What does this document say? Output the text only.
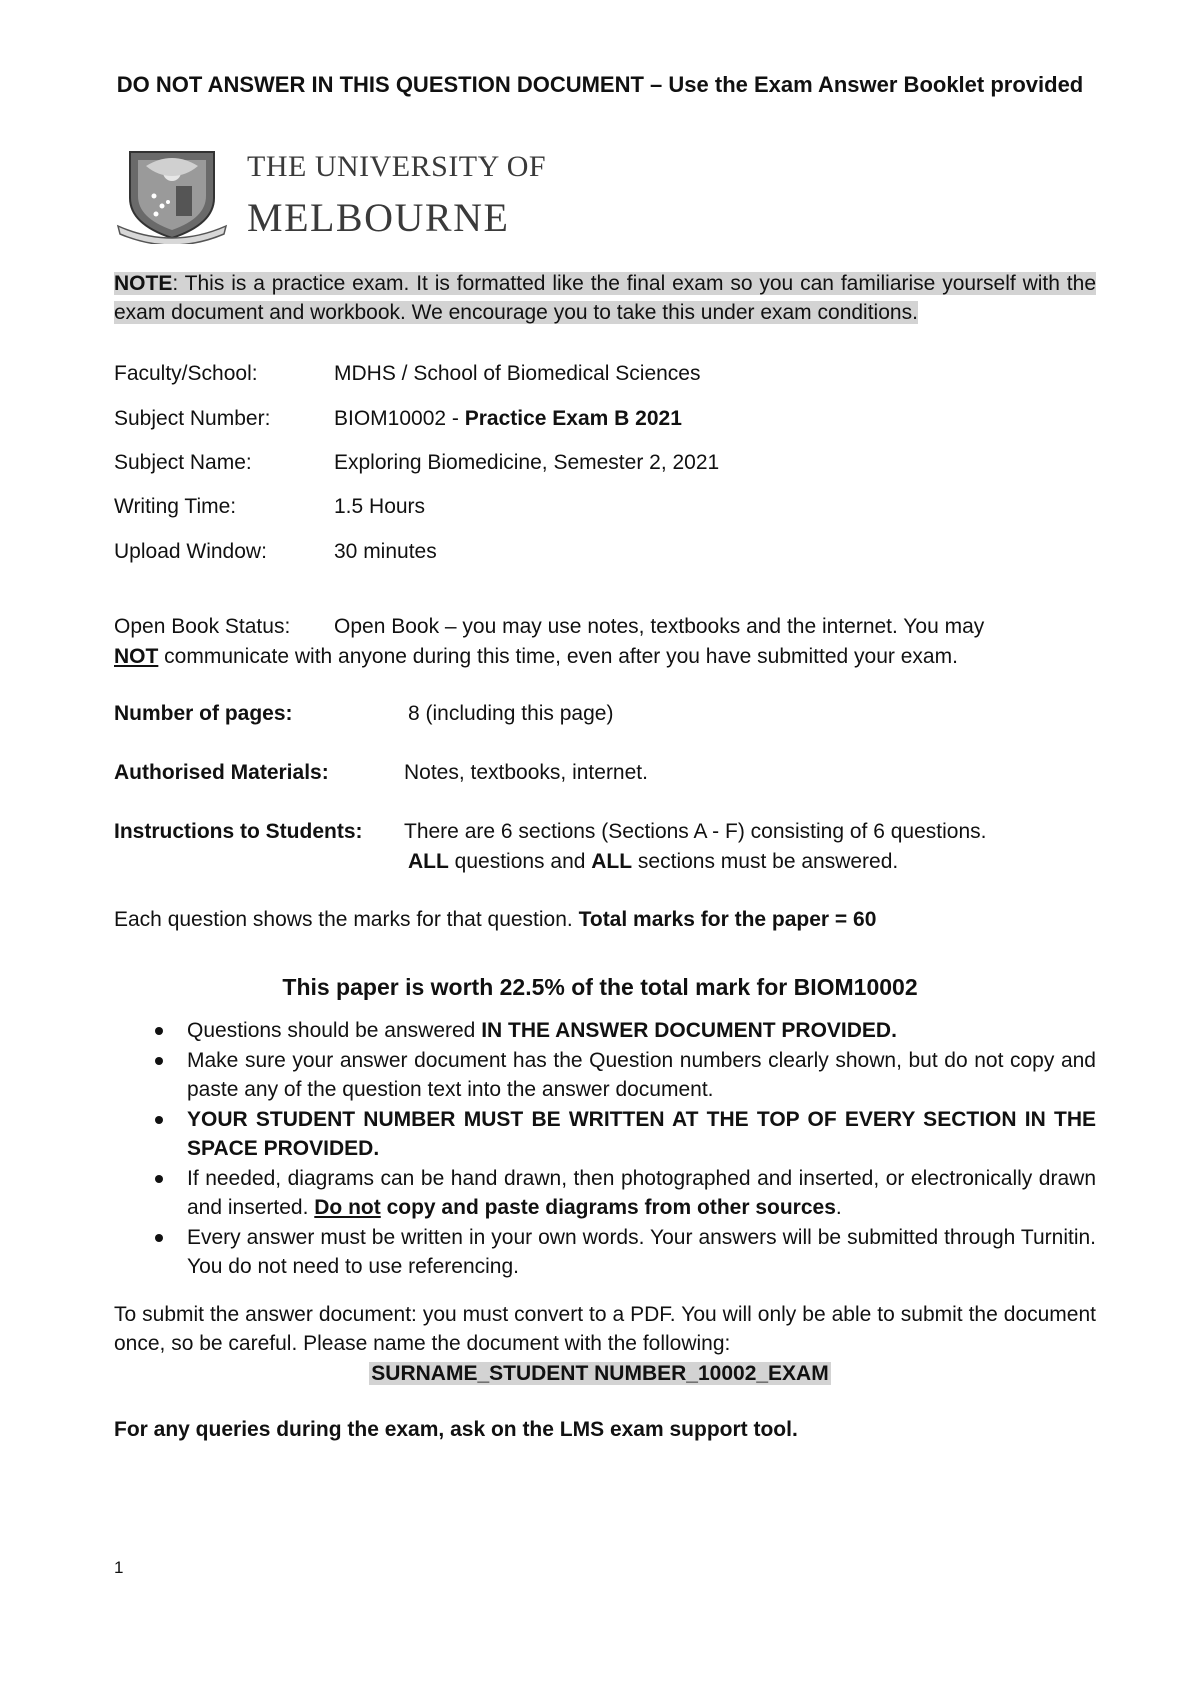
DO NOT ANSWER IN THIS QUESTION DOCUMENT – Use the Exam Answer Booklet provided
THE UNIVERSITY OF
MELBOURNE
NOTE: This is a practice exam. It is formatted like the final exam so you can familiarise yourself with the exam document and workbook. We encourage you to take this under exam conditions.
Faculty/School:	MDHS / School of Biomedical Sciences
Subject Number:	BIOM10002 - Practice Exam B 2021
Subject Name:	Exploring Biomedicine, Semester 2, 2021
Writing Time:	1.5 Hours
Upload Window:	30 minutes
Open Book Status: Open Book – you may use notes, textbooks and the internet. You may
NOT communicate with anyone during this time, even after you have submitted your exam.
Number of pages:	8 (including this page)
Authorised Materials:	Notes, textbooks, internet.
Instructions to Students: There are 6 sections (Sections A - F) consisting of 6 questions.
ALL questions and ALL sections must be answered.
Each question shows the marks for that question. Total marks for the paper = 60
This paper is worth 22.5% of the total mark for BIOM10002
Questions should be answered IN THE ANSWER DOCUMENT PROVIDED.
Make sure your answer document has the Question numbers clearly shown, but do not copy and paste any of the question text into the answer document.
YOUR STUDENT NUMBER MUST BE WRITTEN AT THE TOP OF EVERY SECTION IN THE SPACE PROVIDED.
If needed, diagrams can be hand drawn, then photographed and inserted, or electronically drawn and inserted. Do not copy and paste diagrams from other sources.
Every answer must be written in your own words. Your answers will be submitted through Turnitin. You do not need to use referencing.
To submit the answer document: you must convert to a PDF. You will only be able to submit the document once, so be careful. Please name the document with the following:
SURNAME_STUDENT NUMBER_10002_EXAM
For any queries during the exam, ask on the LMS exam support tool.
1
